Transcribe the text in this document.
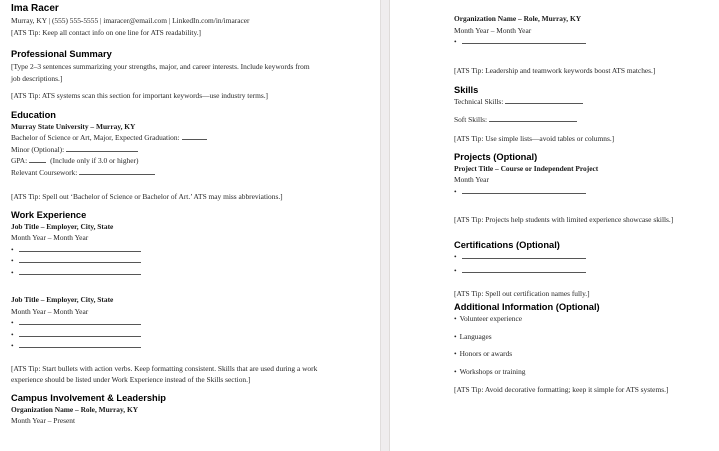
Ima Racer
Murray, KY | (555) 555-5555 | imaracer@email.com | LinkedIn.com/in/imaracer
[ATS Tip: Keep all contact info on one line for ATS readability.]
Professional Summary

[Type 2–3 sentences summarizing your strengths, major, and career interests. Include keywords from job descriptions.]

[ATS Tip: ATS systems scan this section for important keywords—use industry terms.]
Education
Murray State University – Murray, KY
Bachelor of Science or Art, Major, Expected Graduation:
Minor (Optional):
GPA:	(Include only if 3.0 or higher)
Relevant Coursework:
[ATS Tip: Spell out ‘Bachelor of Science or Bachelor of Art.’ ATS may miss abbreviations.]
Work Experience
Job Title – Employer, City, State
Month Year – Month Year
•
•
•
Job Title – Employer, City, State
Month Year – Month Year
•
•
•

[ATS Tip: Start bullets with action verbs. Keep formatting consistent. Skills that are used during a work experience should be listed under Work Experience instead of the Skills section.]

Campus Involvement & Leadership
Organization Name – Role, Murray, KY
Month Year – Present
Organization Name – Role, Murray, KY
Month Year – Month Year
•
[ATS Tip: Leadership and teamwork keywords boost ATS matches.]
Skills
Technical Skills:
Soft Skills:
[ATS Tip: Use simple lists—avoid tables or columns.]
Projects (Optional)
Project Title – Course or Independent Project
Month Year
•
[ATS Tip: Projects help students with limited experience showcase skills.]
Certifications (Optional)
•
•
[ATS Tip: Spell out certification names fully.]
Additional Information (Optional)
• Volunteer experience
• Languages
• Honors or awards
• Workshops or training
[ATS Tip: Avoid decorative formatting; keep it simple for ATS systems.]
